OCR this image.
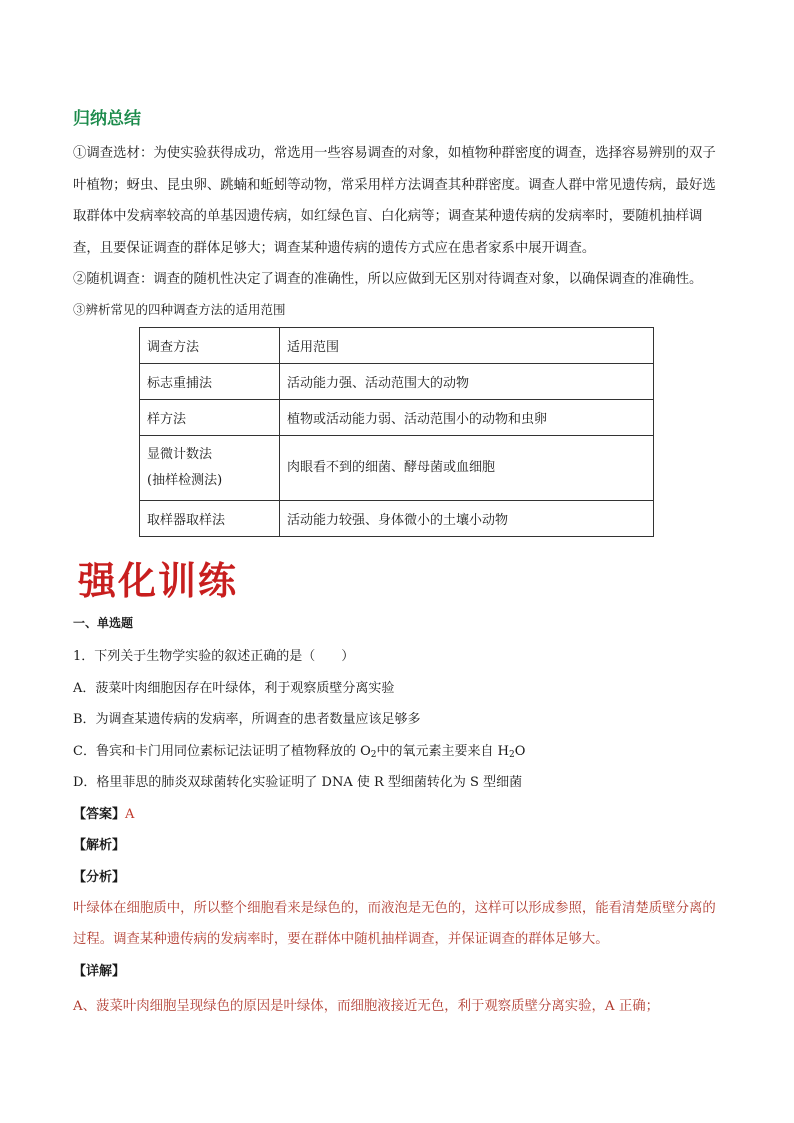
归纳总结
①调查选材：为使实验获得成功，常选用一些容易调查的对象，如植物种群密度的调查，选择容易辨别的双子叶植物；蚜虫、昆虫卵、跳蝻和蚯蚓等动物，常采用样方法调查其种群密度。调查人群中常见遗传病，最好选取群体中发病率较高的单基因遗传病，如红绿色盲、白化病等；调查某种遗传病的发病率时，要随机抽样调查，且要保证调查的群体足够大；调查某种遗传病的遗传方式应在患者家系中展开调查。
②随机调查：调查的随机性决定了调查的准确性，所以应做到无区别对待调查对象，以确保调查的准确性。
③辨析常见的四种调查方法的适用范围
调查方法	适用范围
标志重捕法	活动能力强、活动范围大的动物
样方法	植物或活动能力弱、活动范围小的动物和虫卵
显微计数法
(抽样检测法)	肉眼看不到的细菌、酵母菌或血细胞
取样器取样法	活动能力较强、身体微小的土壤小动物
强化训练
一、单选题
1．下列关于生物学实验的叙述正确的是（　　）
A．菠菜叶肉细胞因存在叶绿体，利于观察质壁分离实验
B．为调查某遗传病的发病率，所调查的患者数量应该足够多
C．鲁宾和卡门用同位素标记法证明了植物释放的 $O_2$中的氧元素主要来自 $H_2O$
D．格里菲思的肺炎双球菌转化实验证明了 DNA 使 R 型细菌转化为 S 型细菌
【答案】A
【解析】
【分析】
叶绿体在细胞质中，所以整个细胞看来是绿色的，而液泡是无色的，这样可以形成参照，能看清楚质壁分离的过程。调查某种遗传病的发病率时，要在群体中随机抽样调查，并保证调查的群体足够大。
【详解】
A、菠菜叶肉细胞呈现绿色的原因是叶绿体，而细胞液接近无色，利于观察质壁分离实验，A 正确；
